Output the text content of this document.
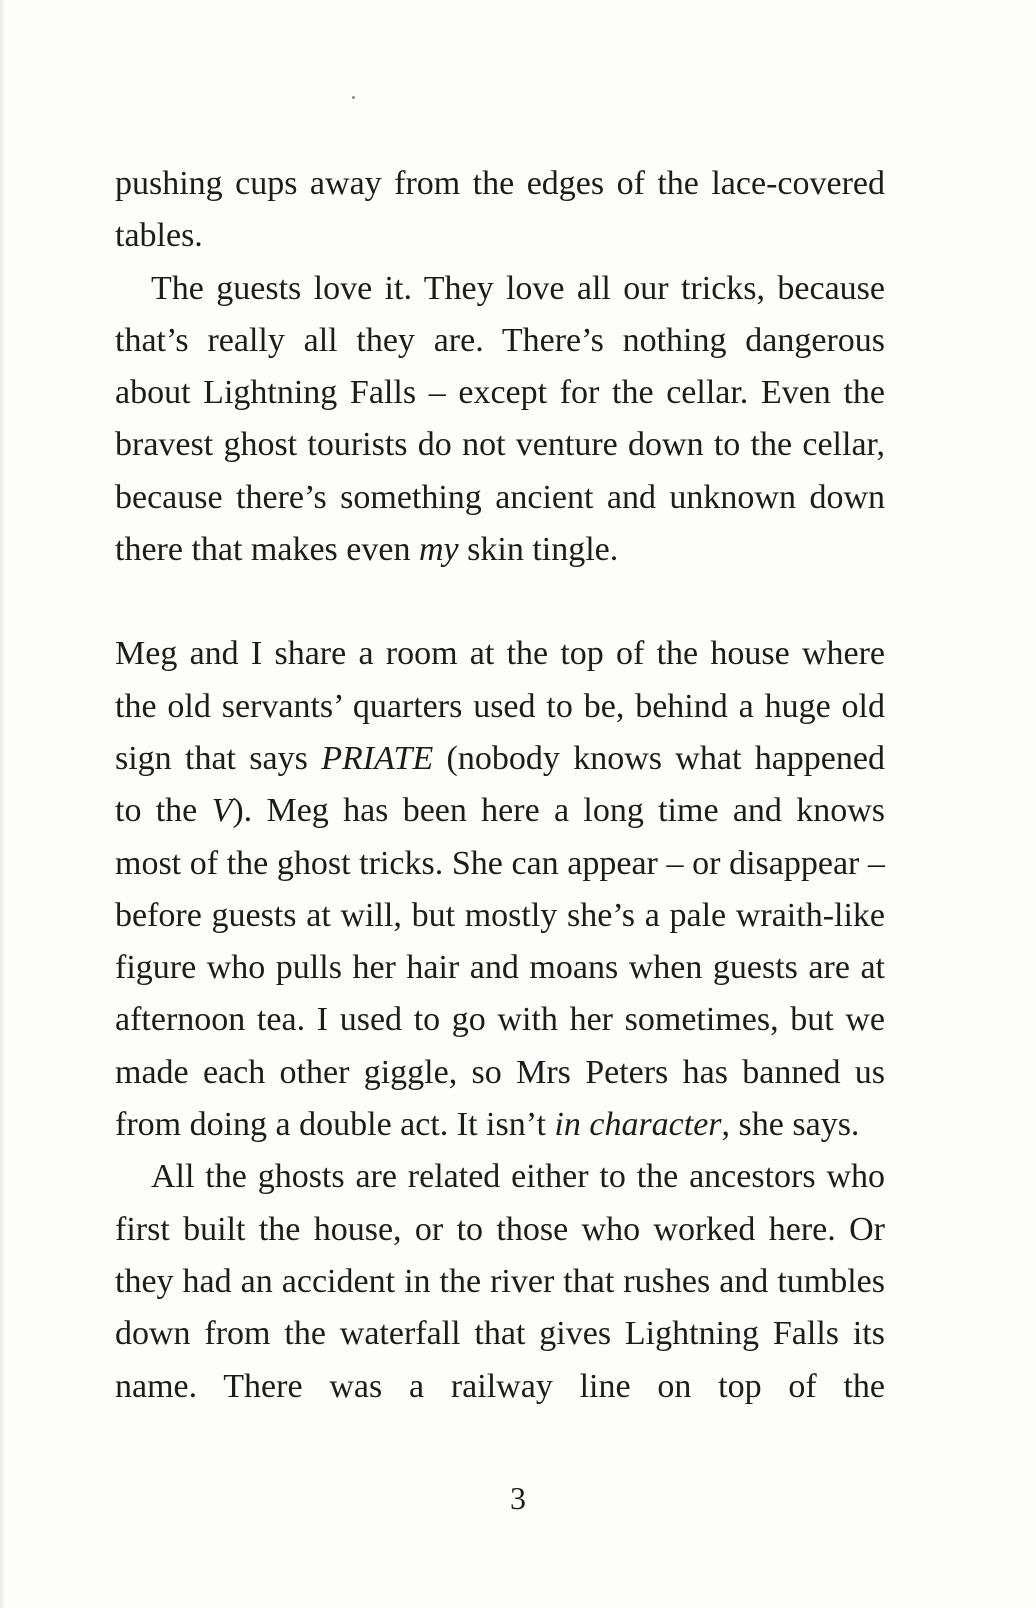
pushing cups away from the edges of the lace-covered tables.

The guests love it. They love all our tricks, because that’s really all they are. There’s nothing dangerous about Lightning Falls – except for the cellar. Even the bravest ghost tourists do not venture down to the cellar, because there’s something ancient and unknown down there that makes even my skin tingle.

Meg and I share a room at the top of the house where the old servants’ quarters used to be, behind a huge old sign that says PRIATE (nobody knows what happened to the V). Meg has been here a long time and knows most of the ghost tricks. She can appear – or disappear – before guests at will, but mostly she’s a pale wraith-like figure who pulls her hair and moans when guests are at afternoon tea. I used to go with her sometimes, but we made each other giggle, so Mrs Peters has banned us from doing a double act. It isn’t in character, she says.

All the ghosts are related either to the ancestors who first built the house, or to those who worked here. Or they had an accident in the river that rushes and tumbles down from the waterfall that gives Lightning Falls its name. There was a railway line on top of the

3
